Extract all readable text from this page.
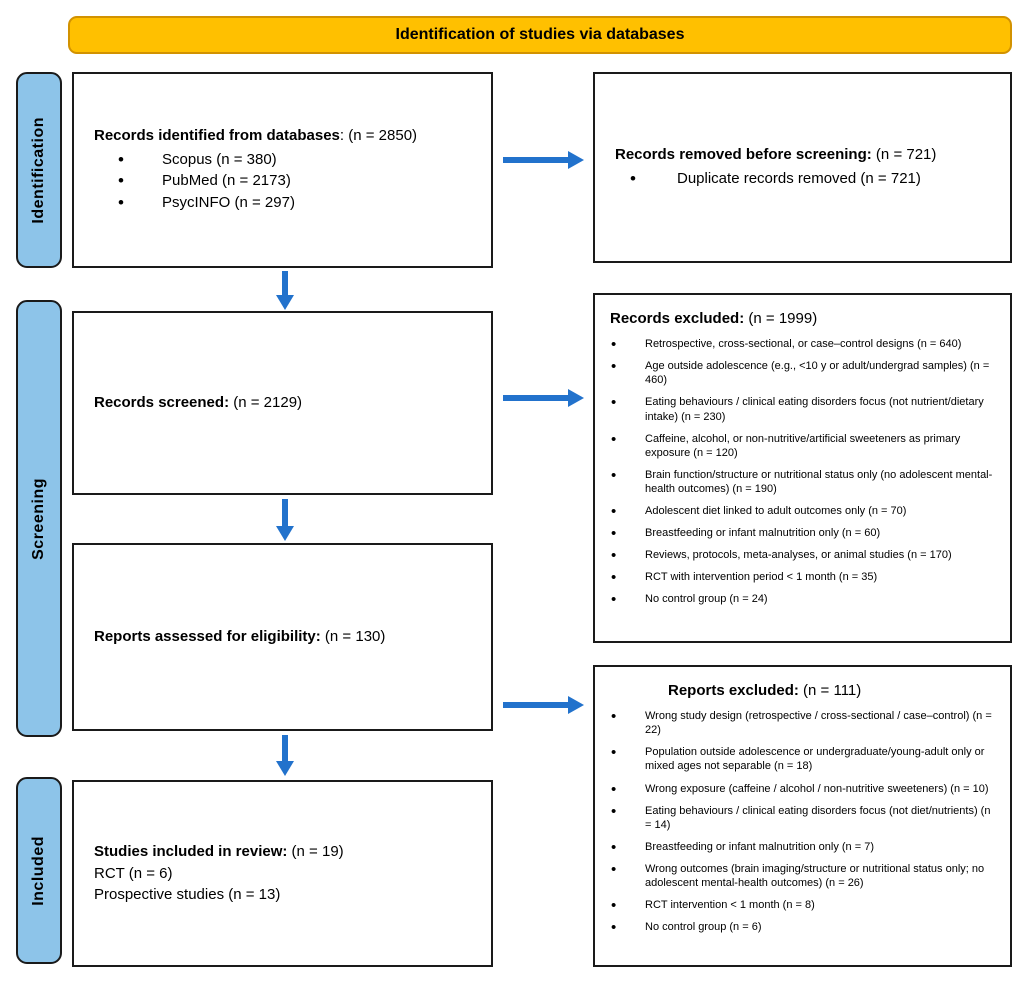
Identification of studies via databases
Identification
Screening
Included
Records identified from databases: (n = 2850)
• Scopus (n = 380)
• PubMed (n = 2173)
• PsycINFO (n = 297)
Records screened: (n = 2129)
Reports assessed for eligibility: (n = 130)
Studies included in review: (n = 19)
RCT (n = 6)
Prospective studies (n = 13)
Records removed before screening: (n = 721)
• Duplicate records removed (n = 721)
Records excluded: (n = 1999)
• Retrospective, cross-sectional, or case–control designs (n = 640)
• Age outside adolescence (e.g., <10 y or adult/undergrad samples) (n = 460)
• Eating behaviours / clinical eating disorders focus (not nutrient/dietary intake) (n = 230)
• Caffeine, alcohol, or non-nutritive/artificial sweeteners as primary exposure (n = 120)
• Brain function/structure or nutritional status only (no adolescent mental-health outcomes) (n = 190)
• Adolescent diet linked to adult outcomes only (n = 70)
• Breastfeeding or infant malnutrition only (n = 60)
• Reviews, protocols, meta-analyses, or animal studies (n = 170)
• RCT with intervention period < 1 month (n = 35)
• No control group (n = 24)
Reports excluded: (n = 111)
• Wrong study design (retrospective / cross-sectional / case–control) (n = 22)
• Population outside adolescence or undergraduate/young-adult only or mixed ages not separable (n = 18)
• Wrong exposure (caffeine / alcohol / non-nutritive sweeteners) (n = 10)
• Eating behaviours / clinical eating disorders focus (not diet/nutrients) (n = 14)
• Breastfeeding or infant malnutrition only (n = 7)
• Wrong outcomes (brain imaging/structure or nutritional status only; no adolescent mental-health outcomes) (n = 26)
• RCT intervention < 1 month (n = 8)
• No control group (n = 6)
